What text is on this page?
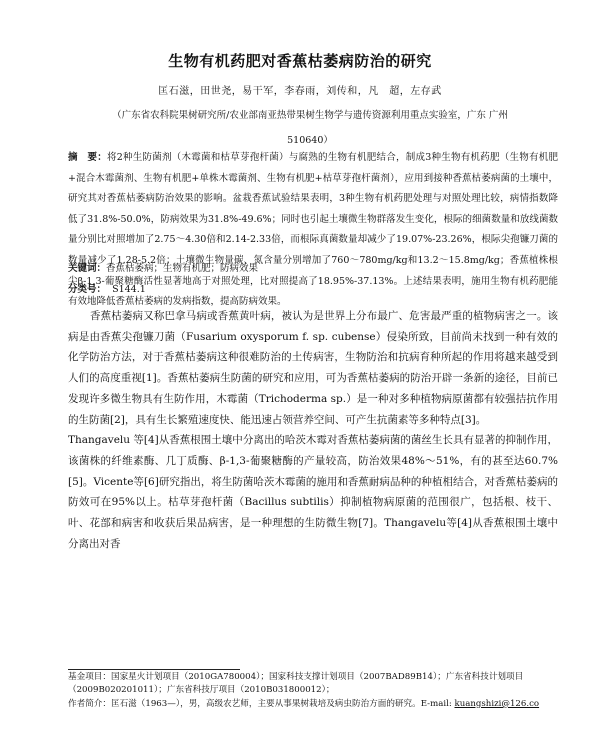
生物有机药肥对香蕉枯萎病防治的研究
匡石滋，田世尧，易干军，李春雨，刘传和，凡　超，左存武
（广东省农科院果树研究所/农业部南亚热带果树生物学与遗传资源利用重点实验室，广东 广州 510640）
摘　要：将2种生防菌剂（木霉菌和枯草芽孢杆菌）与腐熟的生物有机肥结合，制成3种生物有机药肥（生物有机肥+混合木霉菌剂、生物有机肥+单株木霉菌剂、生物有机肥+枯草芽孢杆菌剂），应用到接种香蕉枯萎病菌的土壤中，研究其对香蕉枯萎病防治效果的影响。盆栽香蕉试验结果表明，3种生物有机药肥处理与对照处理比较，病情指数降低了31.8%-50.0%，防病效果为31.8%-49.6%；同时也引起土壤微生物群落发生变化，根际的细菌数量和放线菌数量分别比对照增加了2.75～4.30倍和2.14-2.33倍，而根际真菌数量却减少了19.07%-23.26%，根际尖孢镰刀菌的数量减少了1.28-5.2倍；土壤微生物量碳、氮含量分别增加了760～780mg/kg和13.2～15.8mg/kg；香蕉植株根尖β-1,3-葡聚糖酶活性显著地高于对照处理，比对照提高了18.95%-37.13%。上述结果表明，施用生物有机药肥能有效地降低香蕉枯萎病的发病指数，提高防病效果。
关键词：香蕉枯萎病；生物有机肥；防病效果
分类号： S144.1

香蕉枯萎病又称巴拿马病或香蕉黄叶病，被认为是世界上分布最广、危害最严重的植物病害之一。该病是由香蕉尖孢镰刀菌（Fusarium oxysporum f. sp. cubense）侵染所致，目前尚未找到一种有效的化学防治方法，对于香蕉枯萎病这种很难防治的土传病害，生物防治和抗病育种所起的作用将越来越受到人们的高度重视[1]。香蕉枯萎病生防菌的研究和应用，可为香蕉枯萎病的防治开辟一条新的途径，目前已发现许多微生物具有生防作用，木霉菌（Trichoderma sp.）是一种对多种植物病原菌都有较强拮抗作用的生防菌[2]，具有生长繁殖速度快、能迅速占领营养空间、可产生抗菌素等多种特点[3]。

Thangavelu 等[4]从香蕉根围土壤中分离出的哈茨木霉对香蕉枯萎病菌的菌丝生长具有显著的抑制作用，该菌株的纤维素酶、几丁质酶、β-1,3-葡聚糖酶的产量较高，防治效果48%～51%，有的甚至达60.7%[5]。Vicente等[6]研究指出，将生防菌哈茨木霉菌的施用和香蕉耐病品种的种植相结合，对香蕉枯萎病的防效可在95%以上。枯草芽孢杆菌（Bacillus subtilis）抑制植物病原菌的范围很广，包括根、枝干、叶、花部和病害和收获后果品病害，是一种理想的生防微生物[7]。Thangavelu等[4]从香蕉根围土壤中分离出对香

基金项目：国家星火计划项目（2010GA780004）；国家科技支撑计划项目（2007BAD89B14）；广东省科技计划项目（2009B020201011）；广东省科技厅项目（2010B031800012）；
作者简介：匡石滋（1963—），男，高级农艺师，主要从事果树栽培及病虫防治方面的研究。E-mail: kuangshizi@126.co
